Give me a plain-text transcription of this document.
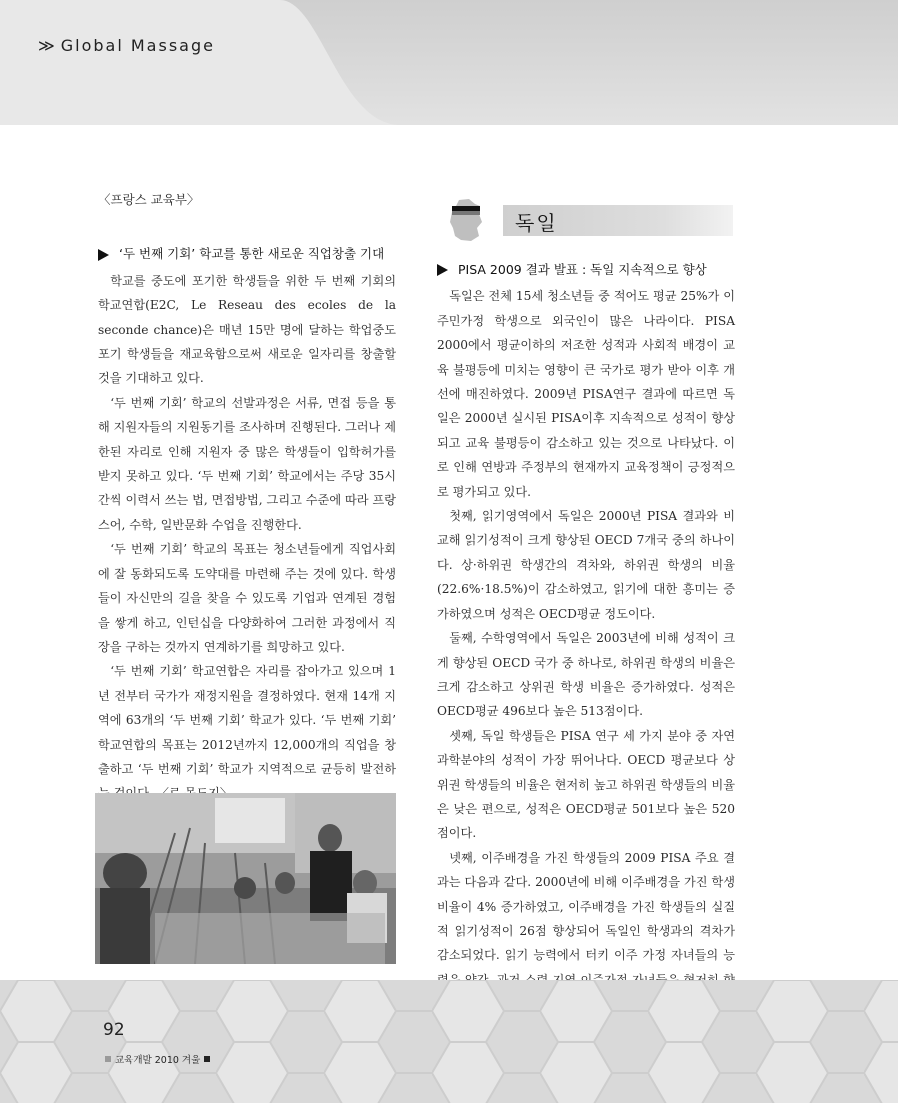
≫ Global Massage
〈프랑스 교육부〉
‘두 번째 기회’ 학교를 통한 새로운 직업창출 기대

학교를 중도에 포기한 학생들을 위한 두 번째 기회의 학교연합(E2C, Le Reseau des ecoles de la seconde chance)은 매년 15만 명에 달하는 학업중도포기 학생들을 재교육함으로써 새로운 일자리를 창출할 것을 기대하고 있다.

‘두 번째 기회’ 학교의 선발과정은 서류, 면접 등을 통해 지원자들의 지원동기를 조사하며 진행된다. 그러나 제한된 자리로 인해 지원자 중 많은 학생들이 입학허가를 받지 못하고 있다. ‘두 번째 기회’ 학교에서는 주당 35시간씩 이력서 쓰는 법, 면접방법, 그리고 수준에 따라 프랑스어, 수학, 일반문화 수업을 진행한다.

‘두 번째 기회’ 학교의 목표는 청소년들에게 직업사회에 잘 동화되도록 도약대를 마련해 주는 것에 있다. 학생들이 자신만의 길을 찾을 수 있도록 기업과 연계된 경험을 쌓게 하고, 인턴십을 다양화하여 그러한 과정에서 직장을 구하는 것까지 연계하기를 희망하고 있다.

‘두 번째 기회’ 학교연합은 자리를 잡아가고 있으며 1년 전부터 국가가 재정지원을 결정하였다. 현재 14개 지역에 63개의 ‘두 번째 기회’ 학교가 있다. ‘두 번째 기회’ 학교연합의 목표는 2012년까지 12,000개의 직업을 창출하고 ‘두 번째 기회’ 학교가 지역적으로 균등히 발전하

독일
PISA 2009 결과 발표 : 독일 지속적으로 향상

독일은 전체 15세 청소년들 중 적어도 평균 25%가 이주민가정 학생으로 외국인이 많은 나라이다. PISA 2000에서 평균이하의 저조한 성적과 사회적 배경이 교육 불평등에 미치는 영향이 큰 국가로 평가 받아 이후 개선에 매진하였다. 2009년 PISA연구 결과에 따르면 독일은 2000년 실시된 PISA이후 지속적으로 성적이 향상되고 교육 불평등이 감소하고 있는 것으로 나타났다. 이로 인해 연방과 주정부의 현재까지 교육정책이 긍정적으로 평가되고 있다.

첫째, 읽기영역에서 독일은 2000년 PISA 결과와 비교해 읽기성적이 크게 향상된 OECD 7개국 중의 하나이다. 상·하위권 학생간의 격차와, 하위권 학생의 비율(22.6%·18.5%)이 감소하였고, 읽기에 대한 흥미는 증가하였으며 성적은 OECD평균 정도이다.

둘째, 수학영역에서 독일은 2003년에 비해 성적이 크게 향상된 OECD 국가 중 하나로, 하위권 학생의 비율은 크게 감소하고 상위권 학생 비율은 증가하였다. 성적은 OECD평균 496보다 높은 513점이다.

셋째, 독일 학생들은 PISA 연구 세 가지 분야 중 자연과학분야의 성적이 가장 뛰어나다. OECD 평균보다 상위권 학생들의 비율은 현저히 높고 하위권 학생들의 비율은 낮은 편으로, 성적은 OECD평균 501보다 높은 520점이다.

넷째, 이주배경을 가진 학생들의 2009 PISA 주요 결과는 다음과 같다. 2000년에 비해 이주배경을 가진 학생 비율이 4% 증가하였고, 이주배경을 가진 학생들의 실질적 읽기성적이 26점 향상되어 독일인 학생과의 격차가 감소되었다. 읽기 능력에서 터키 이주 가정 자녀들의 능

92
교육개발 2010 겨울
